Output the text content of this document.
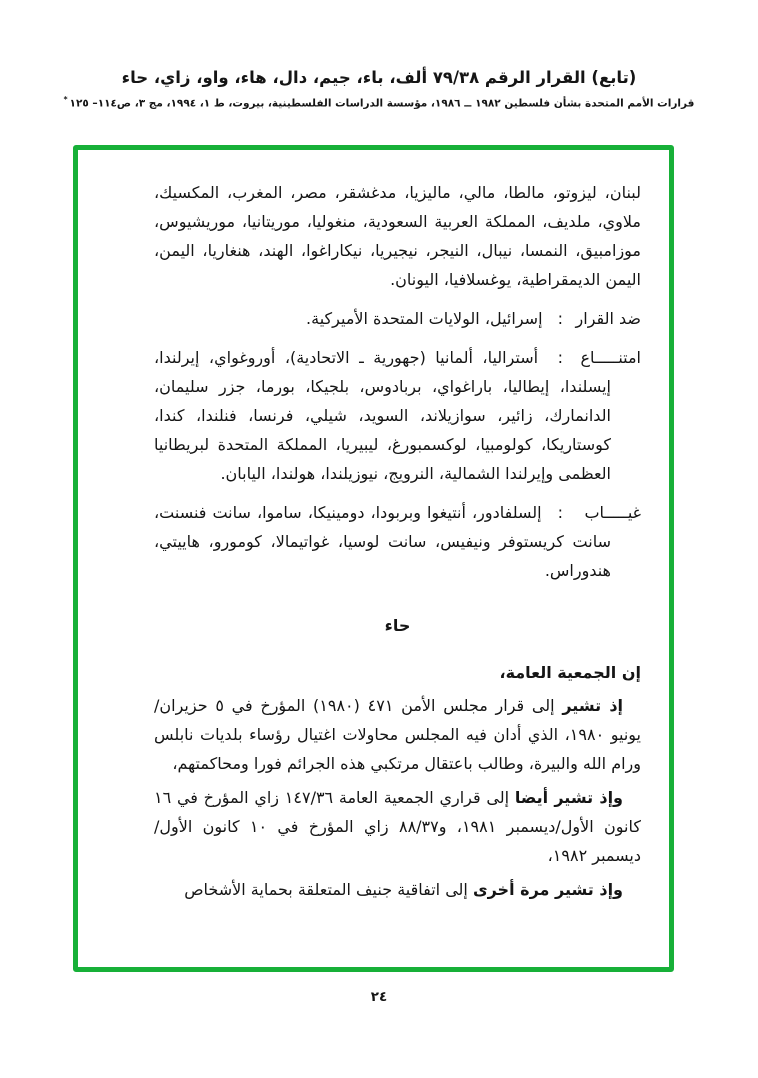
(تابع) القرار الرقم ٧٩/٣٨ ألف، باء، جيم، دال، هاء، واو، زاي، حاء
قرارات الأمم المتحدة بشأن فلسطين ١٩٨٢ ــ ١٩٨٦، مؤسسة الدراسات الفلسطينية، بيروت، ط ١، ١٩٩٤، مج ٣، ص١١٤– ١٢٥*

لبنان، ليزوتو، مالطا، مالي، ماليزيا، مدغشقر، مصر، المغرب، المكسيك، ملاوي، ملديف، المملكة العربية السعودية، منغوليا، موريتانيا، موريشيوس، موزامبيق، النمسا، نيبال، النيجر، نيجيريا، نيكاراغوا، الهند، هنغاريا، اليمن، اليمن الديمقراطية، يوغسلافيا، اليونان.

ضد القرار: إسرائيل، الولايات المتحدة الأميركية.
امتنـــــاع: أستراليا، ألمانيا (جهورية ـ الاتحادية)، أوروغواي، إيرلندا، إيسلندا، إيطاليا، باراغواي، بربادوس، بلجيكا، بورما، جزر سليمان، الدانمارك، زائير، سوازيلاند، السويد، شيلي، فرنسا، فنلندا، كندا، كوستاريكا، كولومبيا، لوكسمبورغ، ليبيريا، المملكة المتحدة لبريطانيا العظمى وإيرلندا الشمالية، النرويج، نيوزيلندا، هولندا، اليابان.
غيـــــاب: إلسلفادور، أنتيغوا وبربودا، دومينيكا، ساموا، سانت فنسنت، سانت كريستوفر ونيفيس، سانت لوسيا، غواتيمالا، كومورو، هاييتي، هندوراس.
حاء

إن الجمعية العامة،

إذ تشير إلى قرار مجلس الأمن ٤٧١ (١٩٨٠) المؤرخ في ٥ حزيران/يونيو ١٩٨٠، الذي أدان فيه المجلس محاولات اغتيال رؤساء بلديات نابلس ورام الله والبيرة، وطالب باعتقال مرتكبي هذه الجرائم فورا ومحاكمتهم،

وإذ تشير أيضا إلى قراري الجمعية العامة ١٤٧/٣٦ زاي المؤرخ في ١٦ كانون الأول/ديسمبر ١٩٨١، و٨٨/٣٧ زاي المؤرخ في ١٠ كانون الأول/ديسمبر ١٩٨٢،

وإذ تشير مرة أخرى إلى اتفاقية جنيف المتعلقة بحماية الأشخاص

٢٤
